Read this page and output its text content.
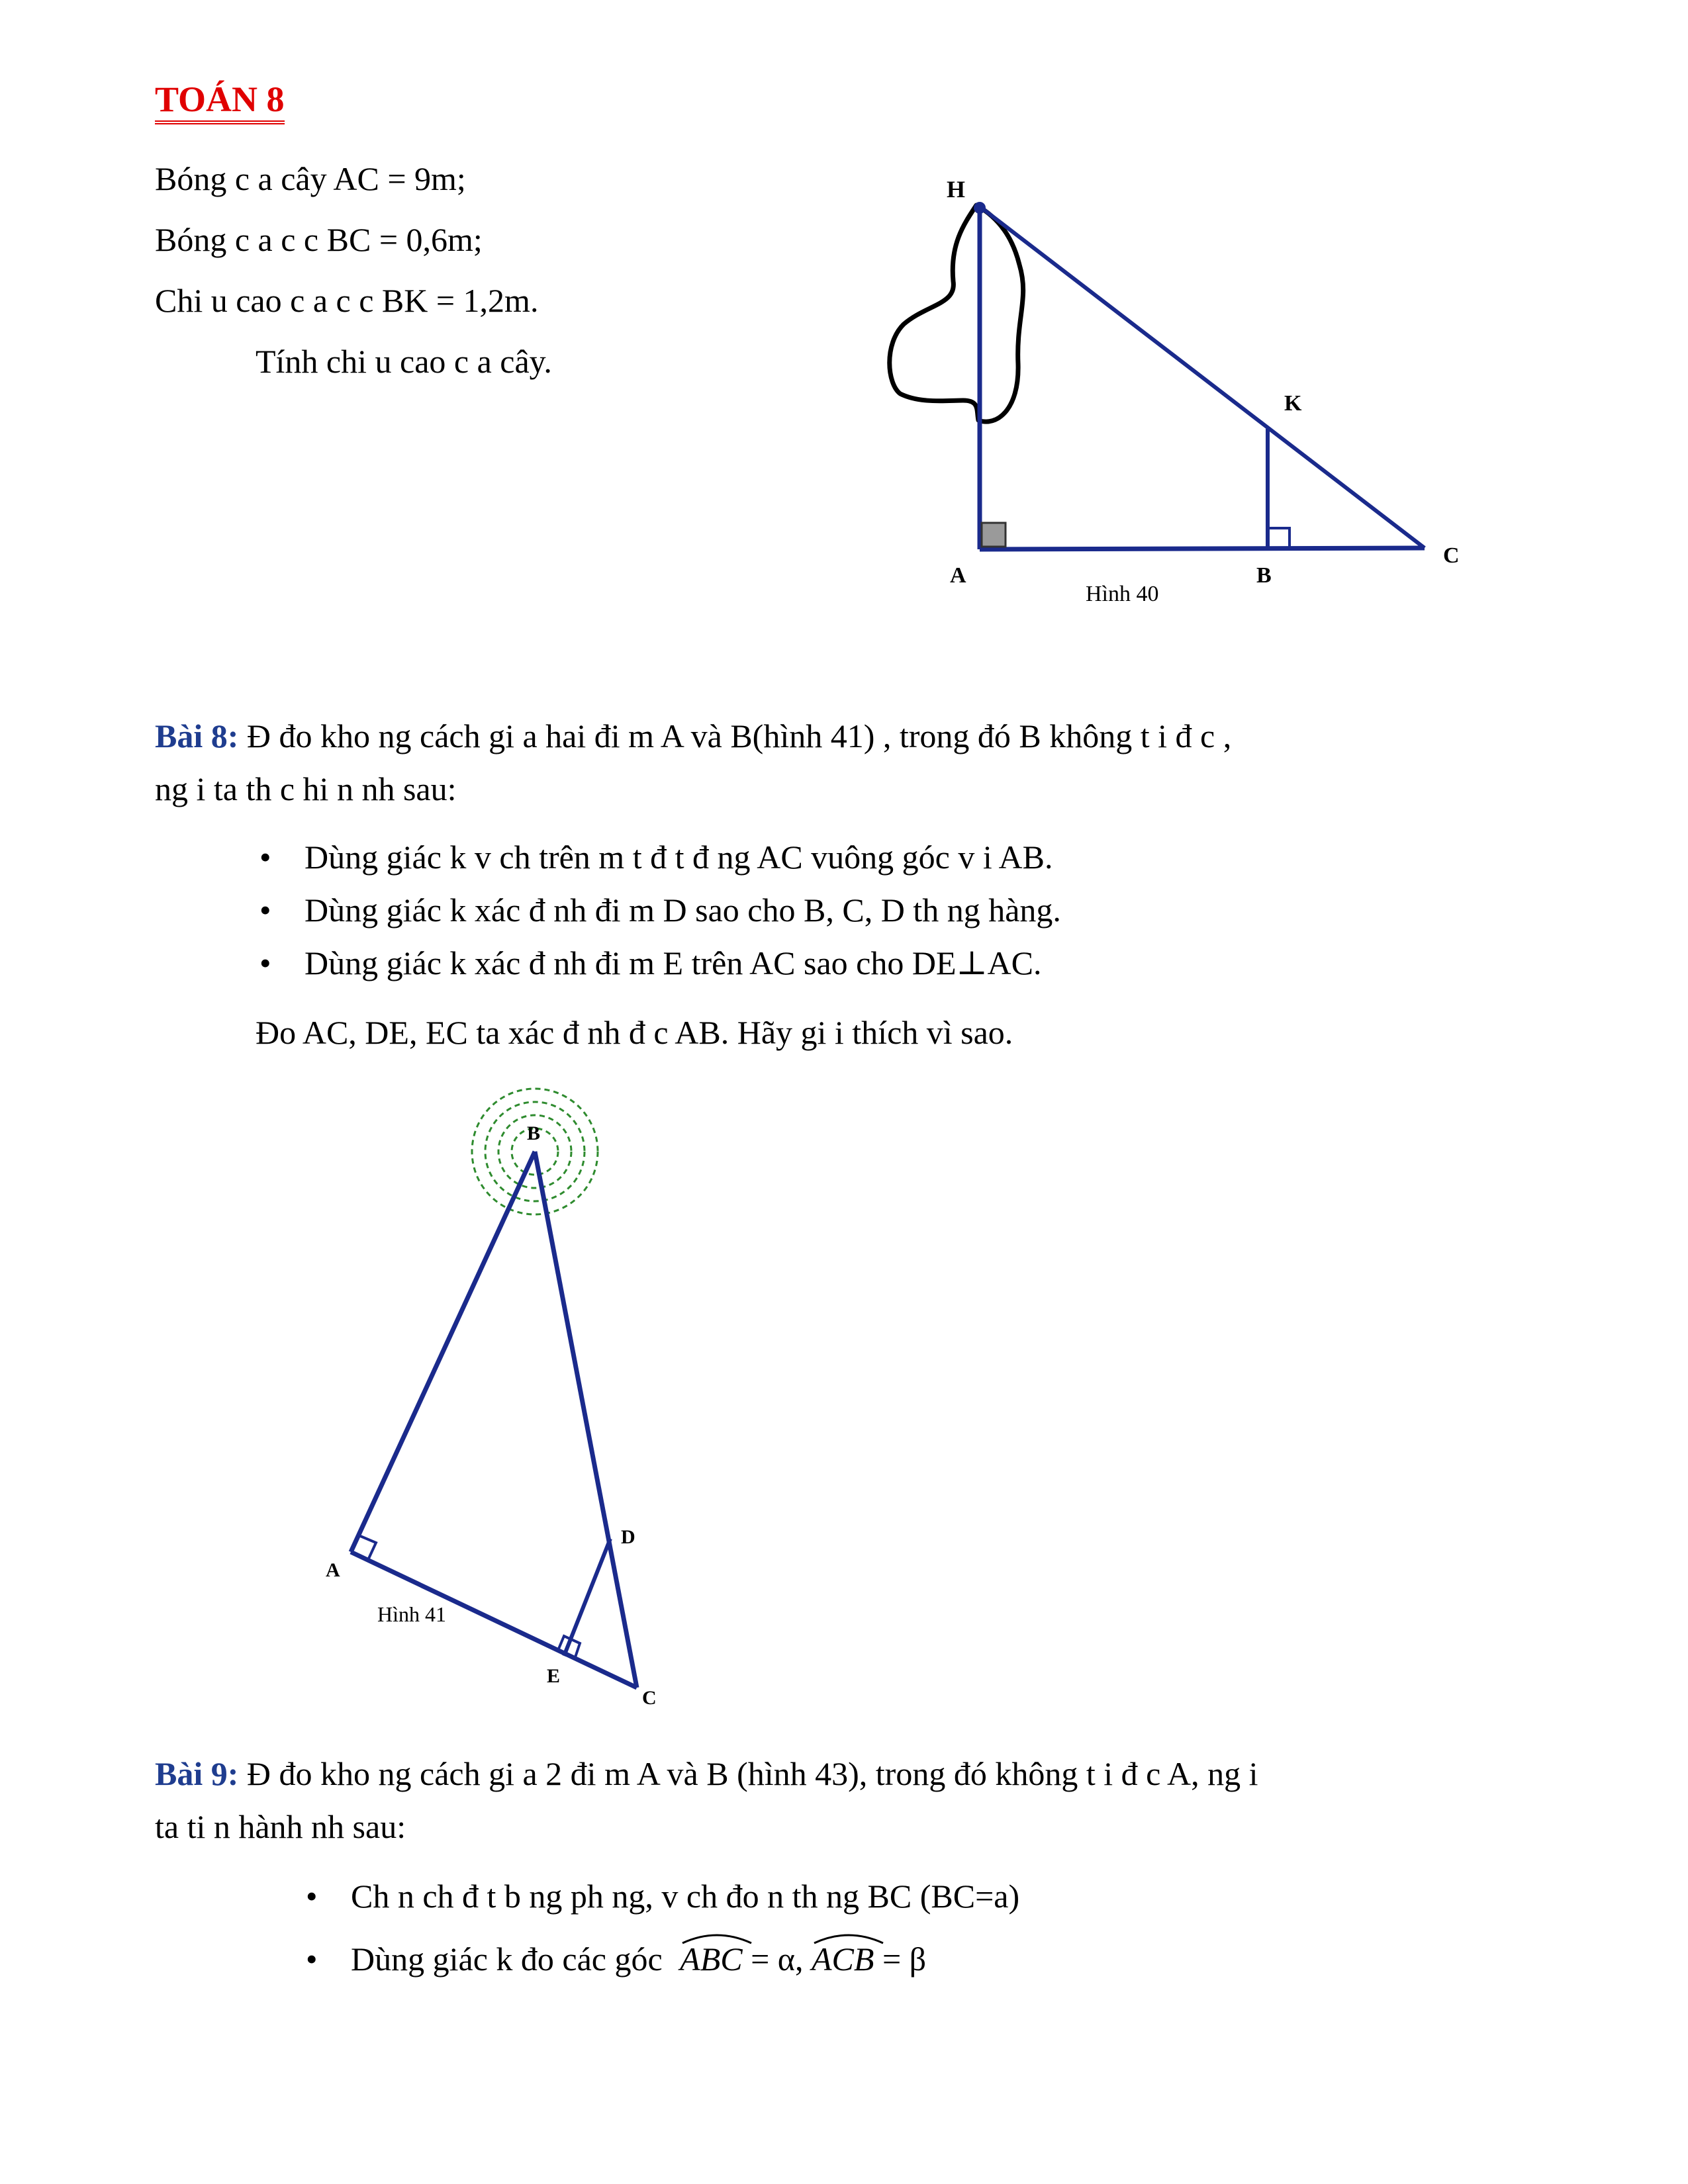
TOÁN 8
Bóng c a cây AC = 9m;
Bóng c a c c BC = 0,6m;
Chi u cao c a c c BK = 1,2m.
Tính chi u cao c a cây.
H
K
A	B
C
Hình 40
Bài 8: Đ đo kho ng cách gi a hai đi m A và B(hình 41) , trong đó B không t i đ c ,
ng i ta th c hi n nh sau:
• Dùng giác k v ch trên m t đ t đ ng AC vuông góc v i AB.
• Dùng giác k xác đ nh đi m D sao cho B, C, D th ng hàng.
• Dùng giác k xác đ nh đi m E trên AC sao cho DE⊥AC.
Đo AC, DE, EC ta xác đ nh đ c AB. Hãy gi i thích vì sao.
B
A
D
E
C
Hình 41
Bài 9: Đ đo kho ng cách gi a 2 đi m A và B (hình 43), trong đó không t i đ c A, ng i
ta ti n hành nh sau:
• Ch n ch đ t b ng ph ng, v ch đo n th ng BC (BC=a)
• Dùng giác k đo các góc ABC = α,
ACB = β
